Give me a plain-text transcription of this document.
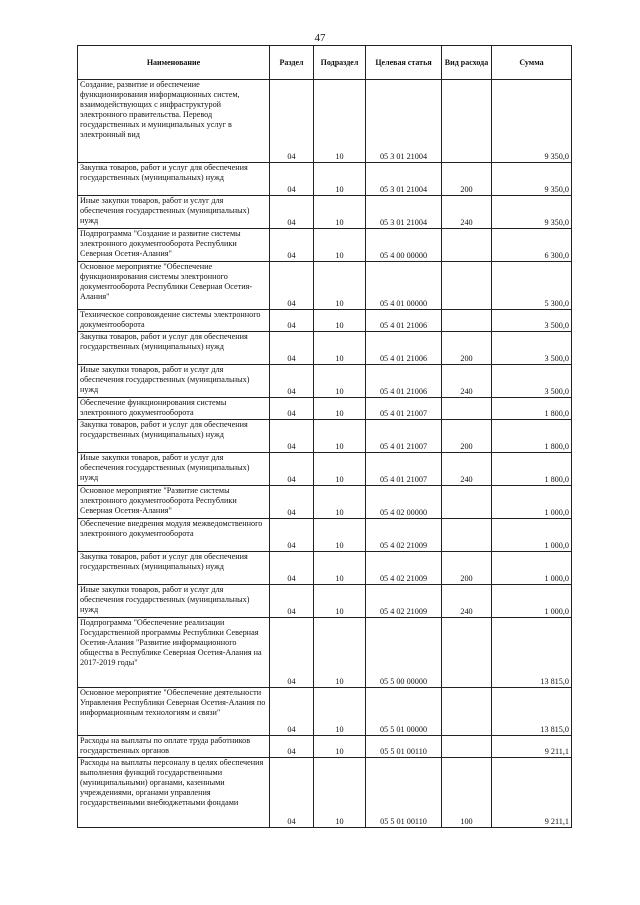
47
Наименование	Раздел	Подраздел	Целевая статья	Вид расхода	Сумма
Создание, развитие и обеспечение функционирования информационных систем, взаимодействующих с инфраструктурой электронного правительства. Перевод государственных и муниципальных услуг в электронный вид	04	10	05 3 01 21004		9 350,0
Закупка товаров, работ и услуг для обеспечения государственных (муниципальных) нужд	04	10	05 3 01 21004	200	9 350,0
Иные закупки товаров, работ и услуг для обеспечения государственных (муниципальных) нужд	04	10	05 3 01 21004	240	9 350,0
Подпрограмма "Создание и развитие системы электронного документооборота Республики Северная Осетия-Алания"	04	10	05 4 00 00000		6 300,0
Основное мероприятие "Обеспечение функционирования системы электронного документооборота Республики Северная Осетия-Алания"	04	10	05 4 01 00000		5 300,0
Техническое сопровождение системы электронного документооборота	04	10	05 4 01 21006		3 500,0
Закупка товаров, работ и услуг для обеспечения государственных (муниципальных) нужд	04	10	05 4 01 21006	200	3 500,0
Иные закупки товаров, работ и услуг для обеспечения государственных (муниципальных) нужд	04	10	05 4 01 21006	240	3 500,0
Обеспечение функционирования системы электронного документооборота	04	10	05 4 01 21007		1 800,0
Закупка товаров, работ и услуг для обеспечения государственных (муниципальных) нужд	04	10	05 4 01 21007	200	1 800,0
Иные закупки товаров, работ и услуг для обеспечения государственных (муниципальных) нужд	04	10	05 4 01 21007	240	1 800,0
Основное мероприятие "Развитие системы электронного документооборота Республики Северная Осетия-Алания"	04	10	05 4 02 00000		1 000,0
Обеспечение внедрения модуля межведомственного электронного документооборота	04	10	05 4 02 21009		1 000,0
Закупка товаров, работ и услуг для обеспечения государственных (муниципальных) нужд	04	10	05 4 02 21009	200	1 000,0
Иные закупки товаров, работ и услуг для обеспечения государственных (муниципальных) нужд	04	10	05 4 02 21009	240	1 000,0
Подпрограмма "Обеспечение реализации Государственной программы Республики Северная Осетия-Алания "Развитие информационного общества в Республике Северная Осетия-Алания на 2017-2019 годы"	04	10	05 5 00 00000		13 815,0
Основное мероприятие "Обеспечение деятельности Управления Республики Северная Осетия-Алания по информационным технологиям и связи"	04	10	05 5 01 00000		13 815,0
Расходы на выплаты по оплате труда работников государственных органов	04	10	05 5 01 00110		9 211,1
Расходы на выплаты персоналу в целях обеспечения выполнения функций государственными (муниципальными) органами, казенными учреждениями, органами управления государственными внебюджетными фондами	04	10	05 5 01 00110	100	9 211,1
